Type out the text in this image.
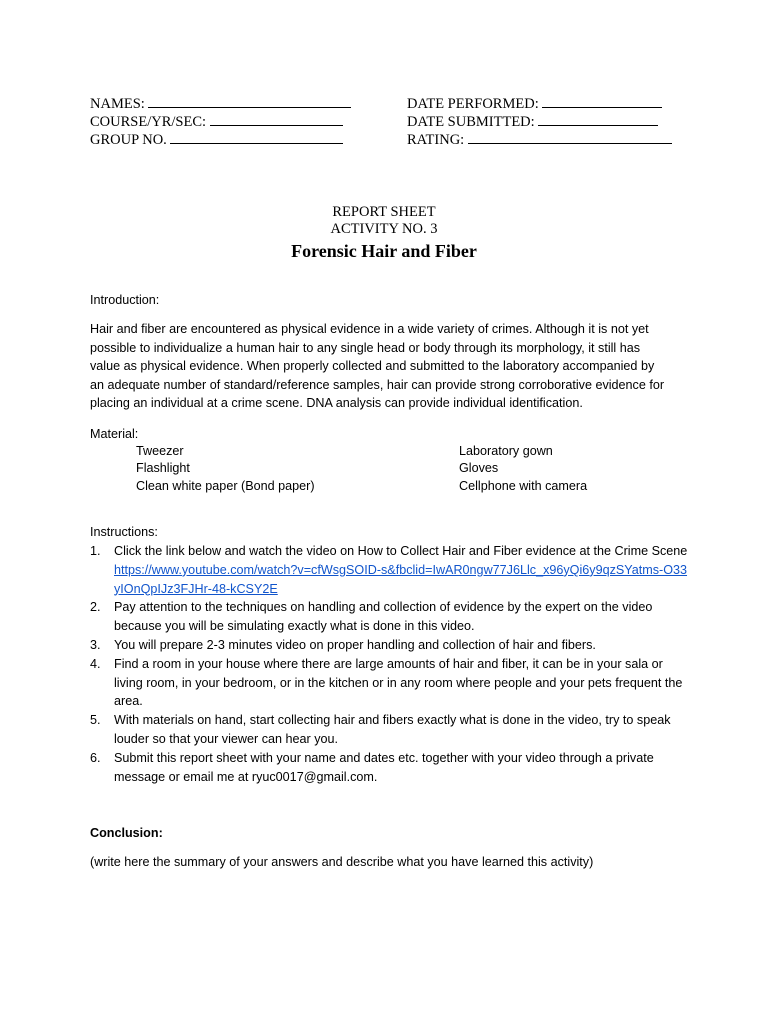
NAMES:
COURSE/YR/SEC:
GROUP NO.
DATE PERFORMED:
DATE SUBMITTED:
RATING:
REPORT SHEET
ACTIVITY NO. 3
Forensic Hair and Fiber
Introduction:
Hair and fiber are encountered as physical evidence in a wide variety of crimes. Although it is not yet possible to individualize a human hair to any single head or body through its morphology, it still has value as physical evidence. When properly collected and submitted to the laboratory accompanied by an adequate number of standard/reference samples, hair can provide strong corroborative evidence for placing an individual at a crime scene. DNA analysis can provide individual identification.
Material:
Tweezer
Flashlight
Clean white paper (Bond paper)
Laboratory gown
Gloves
Cellphone with camera
Instructions:
1. Click the link below and watch the video on How to Collect Hair and Fiber evidence at the Crime Scene
https://www.youtube.com/watch?v=cfWsgSOID-s&fbclid=IwAR0ngw77J6Llc_x96yQi6y9qzSYatms-O33yIOnQpIJz3FJHr-48-kCSY2E
2. Pay attention to the techniques on handling and collection of evidence by the expert on the video because you will be simulating exactly what is done in this video.
3. You will prepare 2-3 minutes video on proper handling and collection of hair and fibers.
4. Find a room in your house where there are large amounts of hair and fiber, it can be in your sala or living room, in your bedroom, or in the kitchen or in any room where people and your pets frequent the area.
5. With materials on hand, start collecting hair and fibers exactly what is done in the video, try to speak louder so that your viewer can hear you.
6. Submit this report sheet with your name and dates etc. together with your video through a private message or email me at ryuc0017@gmail.com.
Conclusion:
(write here the summary of your answers and describe what you have learned this activity)
